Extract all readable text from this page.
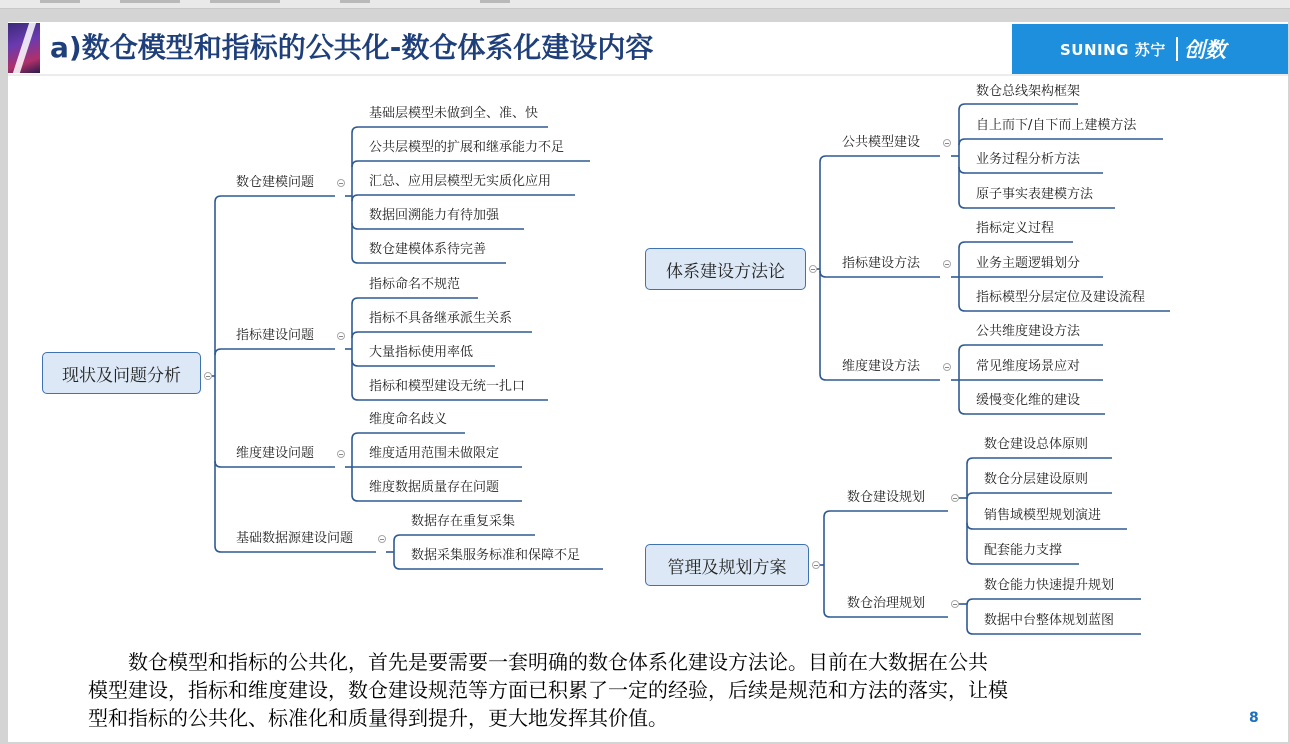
a)数仓模型和指标的公共化-数仓体系化建设内容	SUNING 苏宁 创数
现状及问题分析
数仓建模问题
基础层模型未做到全、准、快
公共层模型的扩展和继承能力不足
汇总、应用层模型无实质化应用
数据回溯能力有待加强
数仓建模体系待完善
指标建设问题
指标命名不规范
指标不具备继承派生关系
大量指标使用率低
指标和模型建设无统一扎口
维度建设问题
维度命名歧义
维度适用范围未做限定
维度数据质量存在问题
基础数据源建设问题
数据存在重复采集
数据采集服务标准和保障不足
体系建设方法论
公共模型建设
数仓总线架构框架
自上而下/自下而上建模方法
业务过程分析方法
原子事实表建模方法
指标建设方法
指标定义过程
业务主题逻辑划分
指标模型分层定位及建设流程
维度建设方法
公共维度建设方法
常见维度场景应对
缓慢变化维的建设
管理及规划方案
数仓建设规划
数仓建设总体原则
数仓分层建设原则
销售域模型规划演进
配套能力支撑
数仓治理规划
数仓能力快速提升规划
数据中台整体规划蓝图

　　数仓模型和指标的公共化，首先是要需要一套明确的数仓体系化建设方法论。目前在大数据在公共

模型建设，指标和维度建设，数仓建设规范等方面已积累了一定的经验，后续是规范和方法的落实，让模

型和指标的公共化、标准化和质量得到提升，更大地发挥其价值。	8
